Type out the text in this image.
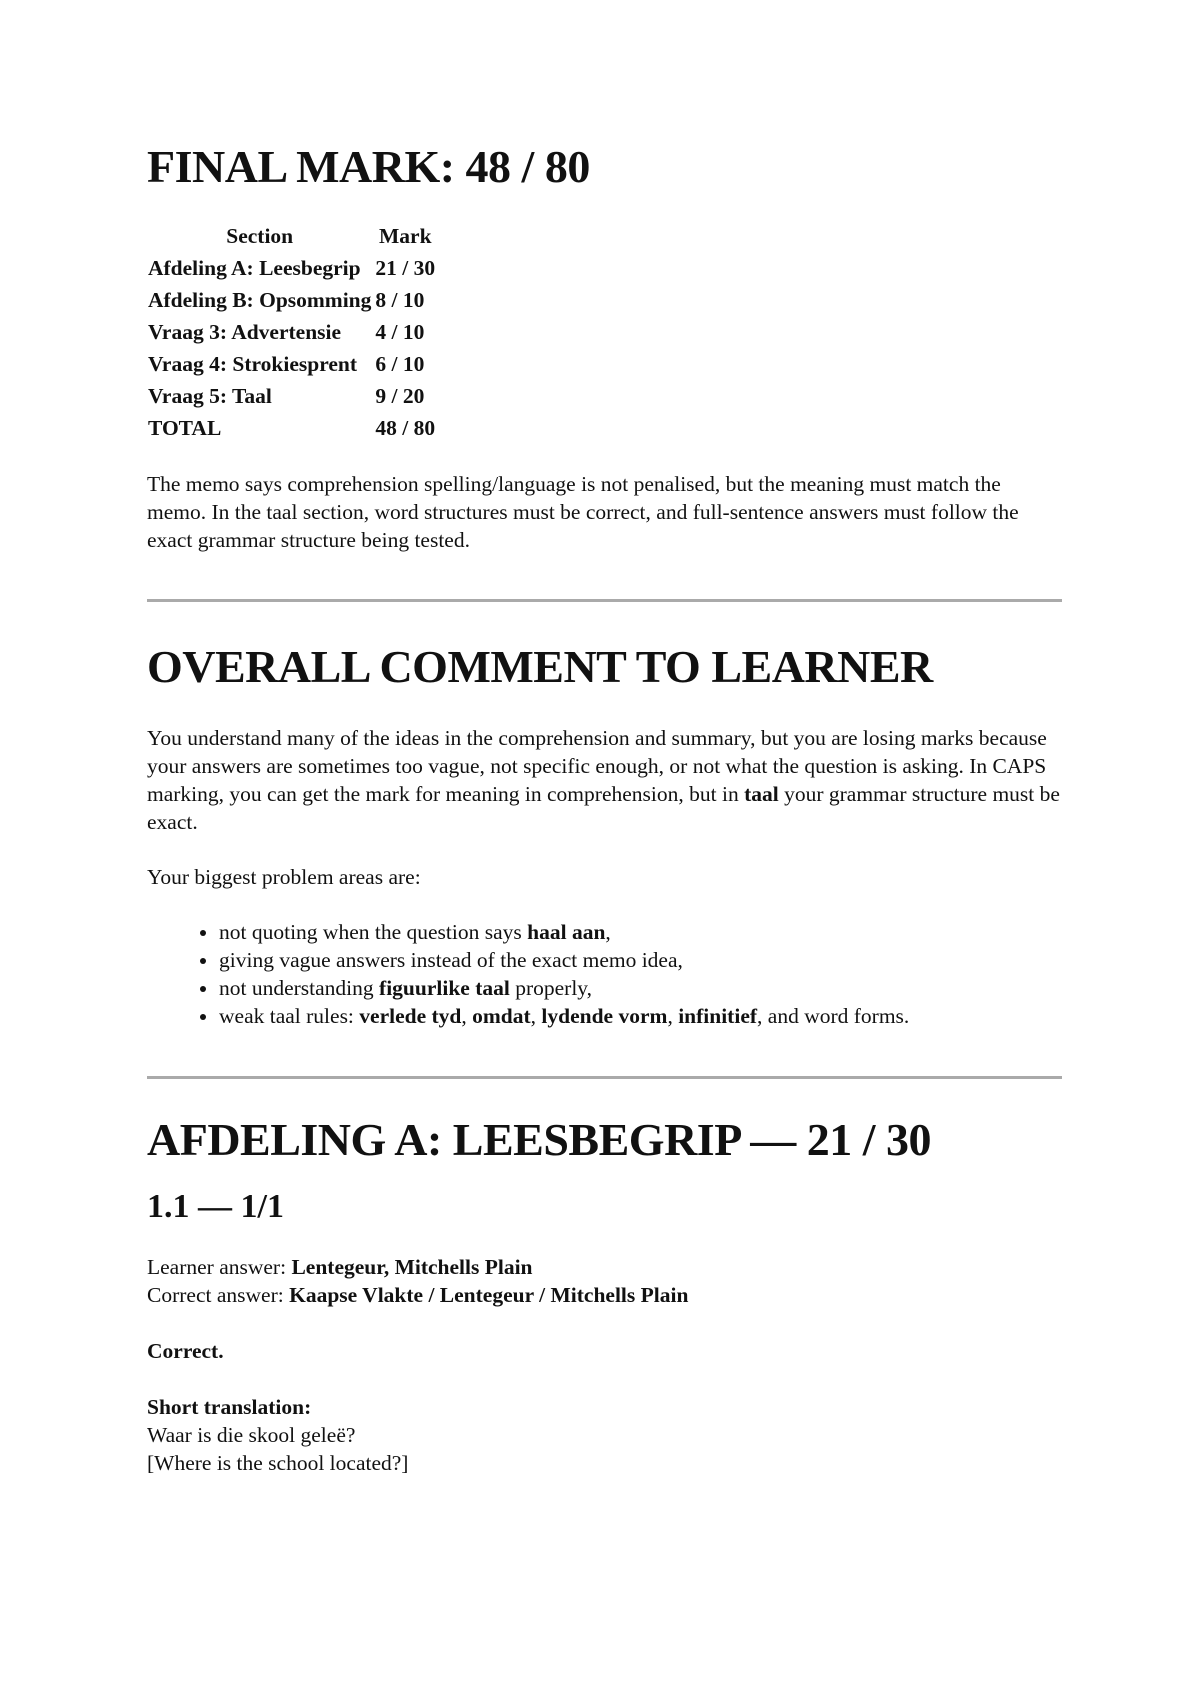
FINAL MARK: 48 / 80
Section	Mark
Afdeling A: Leesbegrip	21 / 30
Afdeling B: Opsomming	8 / 10
Vraag 3: Advertensie	4 / 10
Vraag 4: Strokiesprent	6 / 10
Vraag 5: Taal	9 / 20
TOTAL	48 / 80

The memo says comprehension spelling/language is not penalised, but the meaning must match the memo. In the taal section, word structures must be correct, and full-sentence answers must follow the exact grammar structure being tested.

OVERALL COMMENT TO LEARNER

You understand many of the ideas in the comprehension and summary, but you are losing marks because your answers are sometimes too vague, not specific enough, or not what the question is asking. In CAPS marking, you can get the mark for meaning in comprehension, but in taal your grammar structure must be exact.

Your biggest problem areas are:

• not quoting when the question says haal aan,
• giving vague answers instead of the exact memo idea,
• not understanding figuurlike taal properly,
• weak taal rules: verlede tyd, omdat, lydende vorm, infinitief, and word forms.
AFDELING A: LEESBEGRIP — 21 / 30
1.1 — 1/1

Learner answer: Lentegeur, Mitchells Plain

Correct answer: Kaapse Vlakte / Lentegeur / Mitchells Plain

Correct.

Short translation:

Waar is die skool geleë?

[Where is the school located?]
